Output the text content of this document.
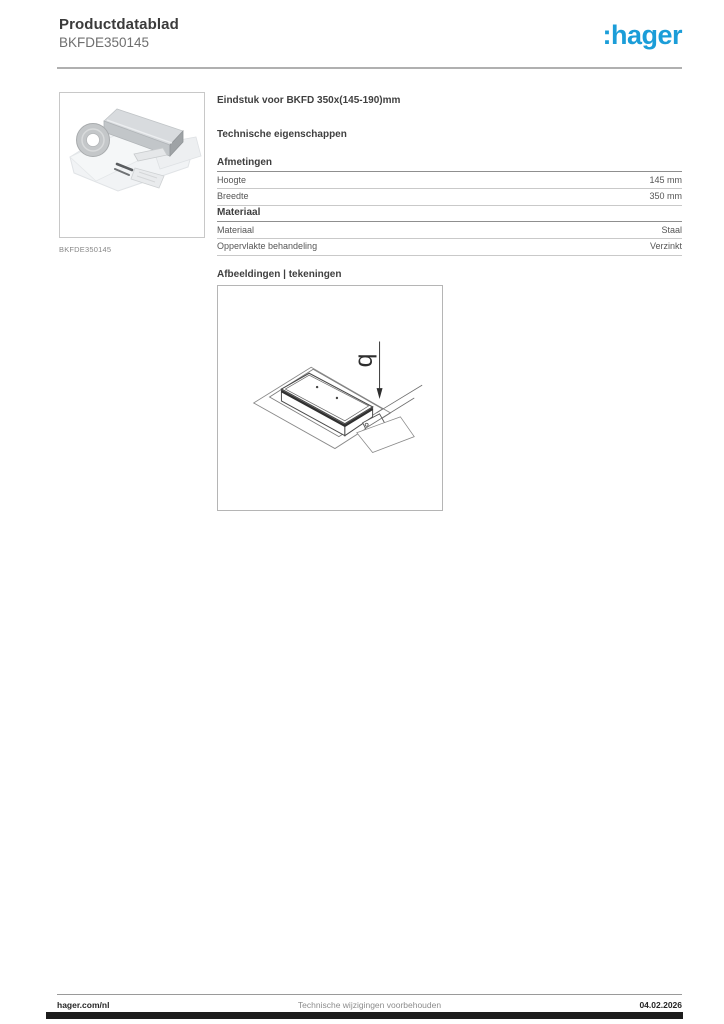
Productdatablad
BKFDE350145	:hager
BKFDE350145
Eindstuk voor BKFD 350x(145-190)mm
Technische eigenschappen
Afmetingen
Hoogte	145 mm
Breedte	350 mm
Materiaal
Materiaal	Staal
Oppervlakte behandeling	Verzinkt
Afbeeldingen | tekeningen
b
hager.com/nl	Technische wijzigingen voorbehouden	04.02.2026
